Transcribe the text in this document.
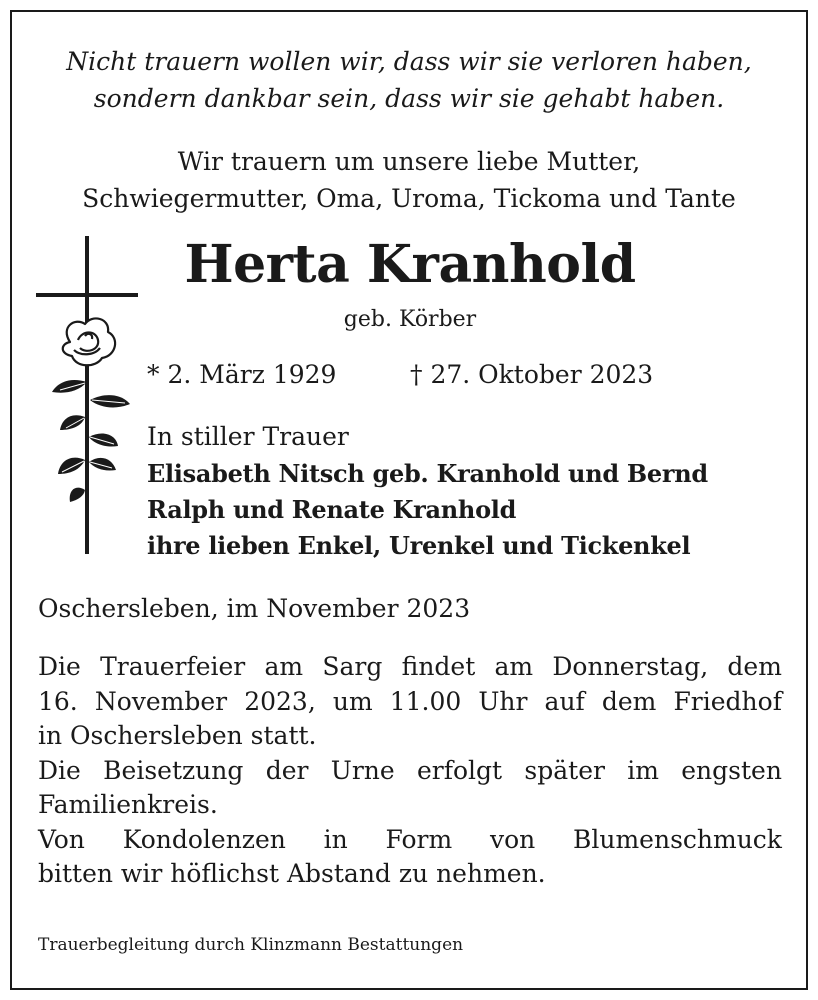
Nicht trauern wollen wir, dass wir sie verloren haben,
sondern dankbar sein, dass wir sie gehabt haben.
Wir trauern um unsere liebe Mutter,
Schwiegermutter, Oma, Uroma, Tickoma und Tante
Herta Kranhold
geb. Körber
* 2. März 1929	† 27. Oktober 2023
In stiller Trauer
Elisabeth Nitsch geb. Kranhold und Bernd
Ralph und Renate Kranhold
ihre lieben Enkel, Urenkel und Tickenkel
Oschersleben, im November 2023
Die Trauerfeier am Sarg findet am Donnerstag, dem
16. November 2023, um 11.00 Uhr auf dem Friedhof
in Oschersleben statt.
Die Beisetzung der Urne erfolgt später im engsten
Familienkreis.
Von Kondolenzen in Form von Blumenschmuck
bitten wir höflichst Abstand zu nehmen.
Trauerbegleitung durch Klinzmann Bestattungen
